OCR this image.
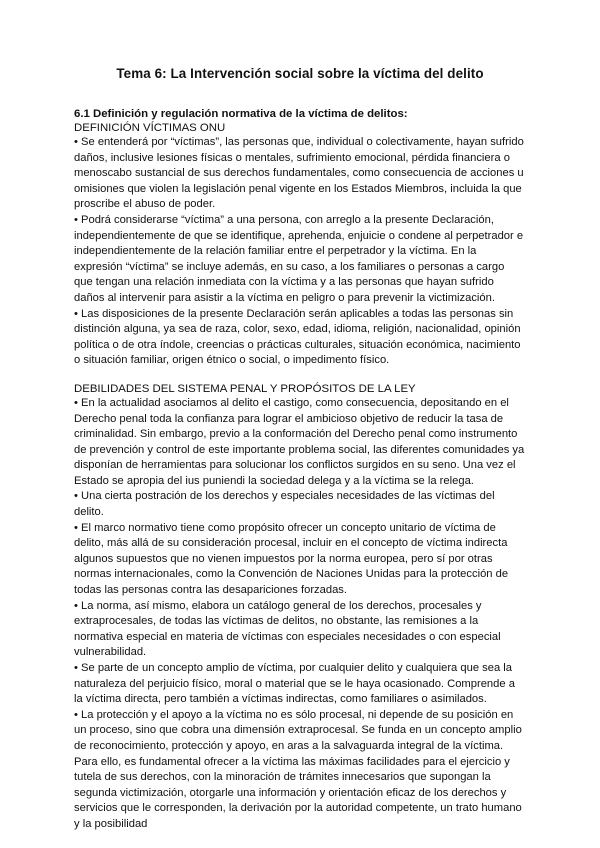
Tema 6: La Intervención social sobre la víctima del delito
6.1 Definición y regulación normativa de la víctima de delitos:
DEFINICIÓN VÍCTIMAS ONU

• Se entenderá por “víctimas”, las personas que, individual o colectivamente, hayan sufrido daños, inclusive lesiones físicas o mentales, sufrimiento emocional, pérdida financiera o menoscabo sustancial de sus derechos fundamentales, como consecuencia de acciones u omisiones que violen la legislación penal vigente en los Estados Miembros, incluida la que proscribe el abuso de poder.

• Podrá considerarse “víctima” a una persona, con arreglo a la presente Declaración, independientemente de que se identifique, aprehenda, enjuicie o condene al perpetrador e independientemente de la relación familiar entre el perpetrador y la víctima. En la expresión “víctima” se incluye además, en su caso, a los familiares o personas a cargo que tengan una relación inmediata con la víctima y a las personas que hayan sufrido daños al intervenir para asistir a la víctima en peligro o para prevenir la victimización.

• Las disposiciones de la presente Declaración serán aplicables a todas las personas sin distinción alguna, ya sea de raza, color, sexo, edad, idioma, religión, nacionalidad, opinión política o de otra índole, creencias o prácticas culturales, situación económica, nacimiento o situación familiar, origen étnico o social, o impedimento físico.

DEBILIDADES DEL SISTEMA PENAL Y PROPÓSITOS DE LA LEY

• En la actualidad asociamos al delito el castigo, como consecuencia, depositando en el Derecho penal toda la confianza para lograr el ambicioso objetivo de reducir la tasa de criminalidad. Sin embargo, previo a la conformación del Derecho penal como instrumento de prevención y control de este importante problema social, las diferentes comunidades ya disponían de herramientas para solucionar los conflictos surgidos en su seno. Una vez el Estado se apropia del ius puniendi la sociedad delega y a la víctima se la relega.

• Una cierta postración de los derechos y especiales necesidades de las víctimas del delito.

• El marco normativo tiene como propósito ofrecer un concepto unitario de víctima de delito, más allá de su consideración procesal, incluir en el concepto de víctima indirecta algunos supuestos que no vienen impuestos por la norma europea, pero sí por otras normas internacionales, como la Convención de Naciones Unidas para la protección de todas las personas contra las desapariciones forzadas.

• La norma, así mismo, elabora un catálogo general de los derechos, procesales y extraprocesales, de todas las víctimas de delitos, no obstante, las remisiones a la normativa especial en materia de víctimas con especiales necesidades o con especial vulnerabilidad.

• Se parte de un concepto amplio de víctima, por cualquier delito y cualquiera que sea la naturaleza del perjuicio físico, moral o material que se le haya ocasionado. Comprende a la víctima directa, pero también a víctimas indirectas, como familiares o asimilados.

• La protección y el apoyo a la víctima no es sólo procesal, ni depende de su posición en un proceso, sino que cobra una dimensión extraprocesal. Se funda en un concepto amplio de reconocimiento, protección y apoyo, en aras a la salvaguarda integral de la víctima. Para ello, es fundamental ofrecer a la víctima las máximas facilidades para el ejercicio y tutela de sus derechos, con la minoración de trámites innecesarios que supongan la segunda victimización, otorgarle una información y orientación eficaz de los derechos y servicios que le corresponden, la derivación por la autoridad competente, un trato humano y la posibilidad
